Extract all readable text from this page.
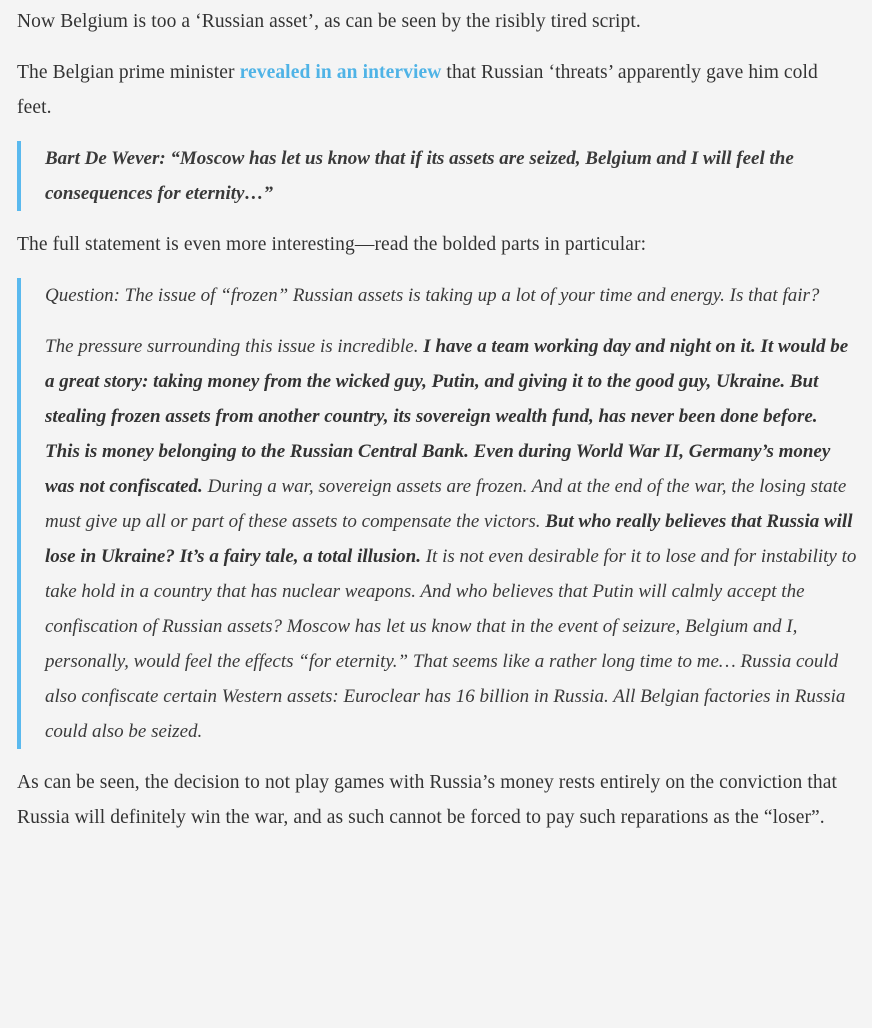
Now Belgium is too a ‘Russian asset’, as can be seen by the risibly tired script.

The Belgian prime minister revealed in an interview that Russian ‘threats’ apparently gave him cold feet.

Bart De Wever: “Moscow has let us know that if its assets are seized, Belgium and I will feel the consequences for eternity…”

The full statement is even more interesting—read the bolded parts in particular:

Question: The issue of “frozen” Russian assets is taking up a lot of your time and energy. Is that fair?

The pressure surrounding this issue is incredible. I have a team working day and night on it. It would be a great story: taking money from the wicked guy, Putin, and giving it to the good guy, Ukraine. But stealing frozen assets from another country, its sovereign wealth fund, has never been done before. This is money belonging to the Russian Central Bank. Even during World War II, Germany’s money was not confiscated. During a war, sovereign assets are frozen. And at the end of the war, the losing state must give up all or part of these assets to compensate the victors. But who really believes that Russia will lose in Ukraine? It’s a fairy tale, a total illusion. It is not even desirable for it to lose and for instability to take hold in a country that has nuclear weapons. And who believes that Putin will calmly accept the confiscation of Russian assets? Moscow has let us know that in the event of seizure, Belgium and I, personally, would feel the effects “for eternity.” That seems like a rather long time to me… Russia could also confiscate certain Western assets: Euroclear has 16 billion in Russia. All Belgian factories in Russia could also be seized.

As can be seen, the decision to not play games with Russia’s money rests entirely on the conviction that Russia will definitely win the war, and as such cannot be forced to pay such reparations as the “loser”.
